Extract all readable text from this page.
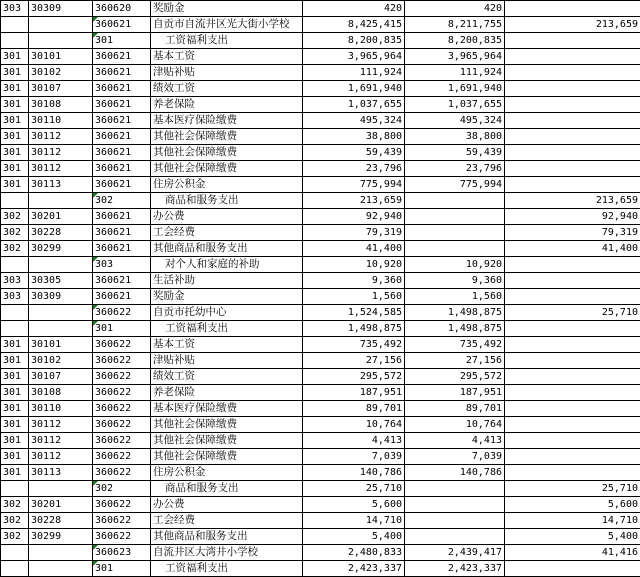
303	30309	360620	奖励金	420	420	
		360621	自贡市自流井区光大街小学校	8,425,415	8,211,755	213,659
		301	工资福利支出	8,200,835	8,200,835	
301	30101	360621	基本工资	3,965,964	3,965,964	
301	30102	360621	津贴补贴	111,924	111,924	
301	30107	360621	绩效工资	1,691,940	1,691,940	
301	30108	360621	养老保险	1,037,655	1,037,655	
301	30110	360621	基本医疗保险缴费	495,324	495,324	
301	30112	360621	其他社会保障缴费	38,800	38,800	
301	30112	360621	其他社会保障缴费	59,439	59,439	
301	30112	360621	其他社会保障缴费	23,796	23,796	
301	30113	360621	住房公积金	775,994	775,994	
		302	商品和服务支出	213,659		213,659
302	30201	360621	办公费	92,940		92,940
302	30228	360621	工会经费	79,319		79,319
302	30299	360621	其他商品和服务支出	41,400		41,400
		303	对个人和家庭的补助	10,920	10,920	
303	30305	360621	生活补助	9,360	9,360	
303	30309	360621	奖励金	1,560	1,560	
		360622	自贡市托幼中心	1,524,585	1,498,875	25,710
		301	工资福利支出	1,498,875	1,498,875	
301	30101	360622	基本工资	735,492	735,492	
301	30102	360622	津贴补贴	27,156	27,156	
301	30107	360622	绩效工资	295,572	295,572	
301	30108	360622	养老保险	187,951	187,951	
301	30110	360622	基本医疗保险缴费	89,701	89,701	
301	30112	360622	其他社会保障缴费	10,764	10,764	
301	30112	360622	其他社会保障缴费	4,413	4,413	
301	30112	360622	其他社会保障缴费	7,039	7,039	
301	30113	360622	住房公积金	140,786	140,786	
		302	商品和服务支出	25,710		25,710
302	30201	360622	办公费	5,600		5,600
302	30228	360622	工会经费	14,710		14,710
302	30299	360622	其他商品和服务支出	5,400		5,400
		360623	自流井区大湾井小学校	2,480,833	2,439,417	41,416
		301	工资福利支出	2,423,337	2,423,337	
